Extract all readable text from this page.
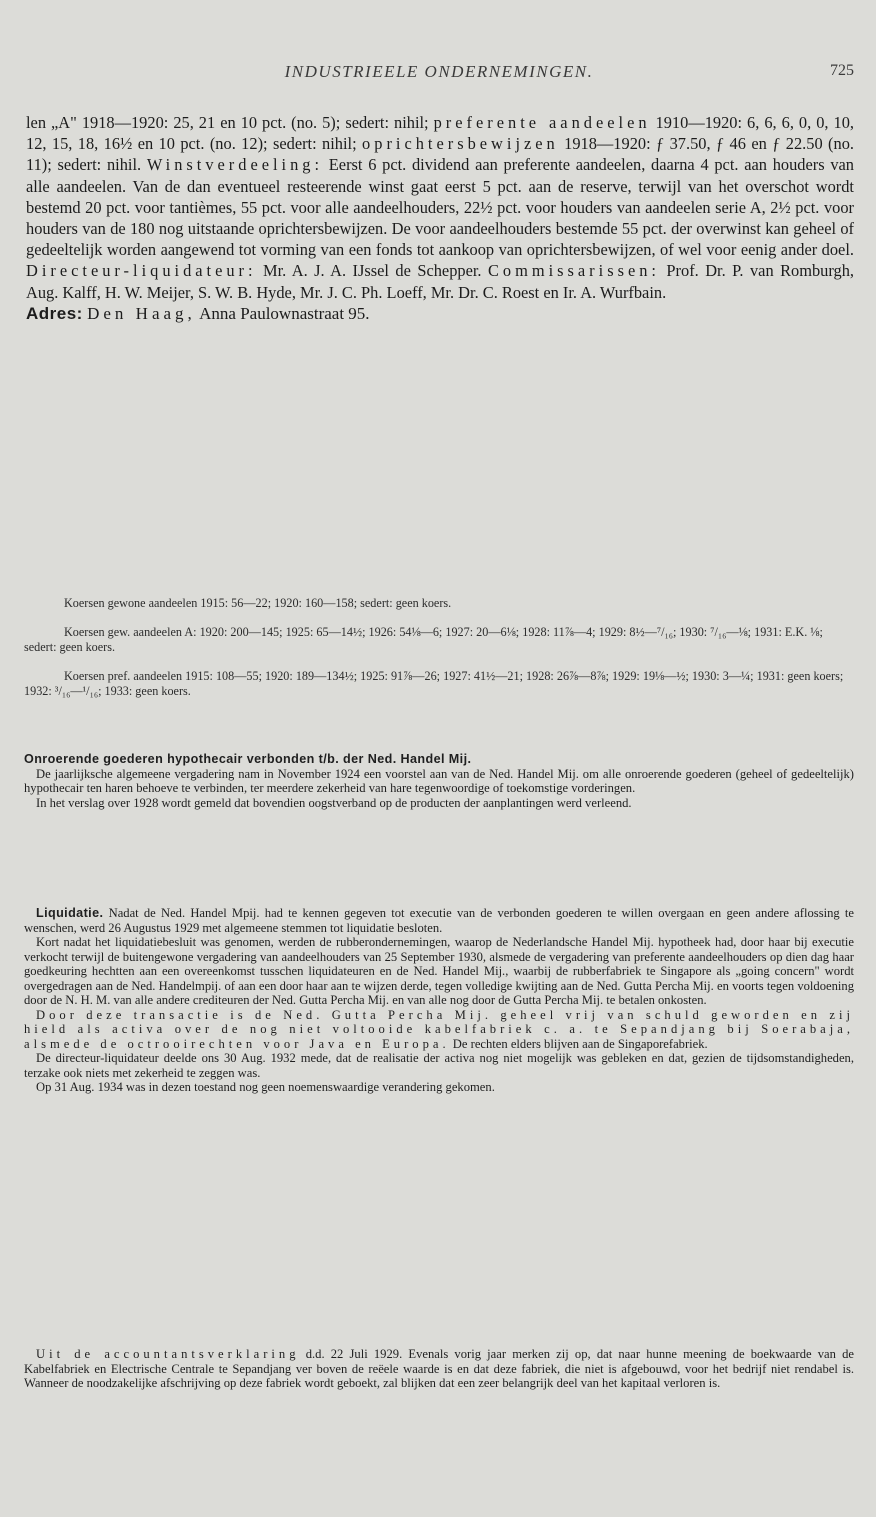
INDUSTRIEELE ONDERNEMINGEN.	725

len „A" 1918—1920: 25, 21 en 10 pct. (no. 5); sedert: nihil; preferente aandeelen 1910—1920: 6, 6, 6, 0, 0, 10, 12, 15, 18, 16½ en 10 pct. (no. 12); sedert: nihil; oprichtersbewijzen 1918—1920: ƒ 37.50, ƒ 46 en ƒ 22.50 (no. 11); sedert: nihil. Winstverdeeling: Eerst 6 pct. dividend aan preferente aandeelen, daarna 4 pct. aan houders van alle aandeelen. Van de dan eventueel resteerende winst gaat eerst 5 pct. aan de reserve, terwijl van het overschot wordt bestemd 20 pct. voor tantièmes, 55 pct. voor alle aandeelhouders, 22½ pct. voor houders van aandeelen serie A, 2½ pct. voor houders van de 180 nog uitstaande oprichtersbewijzen. De voor aandeelhouders bestemde 55 pct. der overwinst kan geheel of gedeeltelijk worden aangewend tot vorming van een fonds tot aankoop van oprichtersbewijzen, of wel voor eenig ander doel. Directeur-liquidateur: Mr. A. J. A. IJssel de Schepper. Commissarissen: Prof. Dr. P. van Romburgh, Aug. Kalff, H. W. Meijer, S. W. B. Hyde, Mr. J. C. Ph. Loeff, Mr. Dr. C. Roest en Ir. A. Wurfbain.

Adres: Den Haag, Anna Paulownastraat 95.

Koersen gewone aandeelen 1915: 56—22; 1920: 160—158; sedert: geen koers.

Koersen gew. aandeelen A: 1920: 200—145; 1925: 65—14½; 1926: 54⅛—6; 1927: 20—6⅛; 1928: 11⅞—4; 1929: 8½—⁷/₁₆; 1930: ⁷/₁₆—⅛; 1931: E.K. ⅛; sedert: geen koers.

Koersen pref. aandeelen 1915: 108—55; 1920: 189—134½; 1925: 91⅞—26; 1927: 41½—21; 1928: 26⅞—8⅞; 1929: 19⅛—½; 1930: 3—¼; 1931: geen koers; 1932: ³/₁₆—¹/₁₆; 1933: geen koers.

Onroerende goederen hypothecair verbonden t/b. der Ned. Handel Mij.

De jaarlijksche algemeene vergadering nam in November 1924 een voorstel aan van de Ned. Handel Mij. om alle onroerende goederen (geheel of gedeeltelijk) hypothecair ten haren behoeve te verbinden, ter meerdere zekerheid van hare tegenwoordige of toekomstige vorderingen.

In het verslag over 1928 wordt gemeld dat bovendien oogstverband op de producten der aanplantingen werd verleend.

Liquidatie. Nadat de Ned. Handel Mpij. had te kennen gegeven tot executie van de verbonden goederen te willen overgaan en geen andere aflossing te wenschen, werd 26 Augustus 1929 met algemeene stemmen tot liquidatie besloten.

Kort nadat het liquidatiebesluit was genomen, werden de rubberondernemingen, waarop de Nederlandsche Handel Mij. hypotheek had, door haar bij executie verkocht terwijl de buitengewone vergadering van aandeelhouders van 25 September 1930, alsmede de vergadering van preferente aandeelhouders op dien dag haar goedkeuring hechtten aan een overeenkomst tusschen liquidateuren en de Ned. Handel Mij., waarbij de rubberfabriek te Singapore als „going concern" wordt overgedragen aan de Ned. Handelmpij. of aan een door haar aan te wijzen derde, tegen volledige kwijting aan de Ned. Gutta Percha Mij. en voorts tegen voldoening door de N. H. M. van alle andere crediteuren der Ned. Gutta Percha Mij. en van alle nog door de Gutta Percha Mij. te betalen onkosten.

Door deze transactie is de Ned. Gutta Percha Mij. geheel vrij van schuld geworden en zij hield als activa over de nog niet voltooide kabelfabriek c. a. te Sepandjang bij Soerabaja, alsmede de octrooirechten voor Java en Europa. De rechten elders blijven aan de Singaporefabriek.

De directeur-liquidateur deelde ons 30 Aug. 1932 mede, dat de realisatie der activa nog niet mogelijk was gebleken en dat, gezien de tijdsomstandigheden, terzake ook niets met zekerheid te zeggen was.

Op 31 Aug. 1934 was in dezen toestand nog geen noemenswaardige verandering gekomen.

Uit de accountantsverklaring d.d. 22 Juli 1929. Evenals vorig jaar merken zij op, dat naar hunne meening de boekwaarde van de Kabelfabriek en Electrische Centrale te Sepandjang ver boven de reëele waarde is en dat deze fabriek, die niet is afgebouwd, voor het bedrijf niet rendabel is. Wanneer de noodzakelijke afschrijving op deze fabriek wordt geboekt, zal blijken dat een zeer belangrijk deel van het kapitaal verloren is.
